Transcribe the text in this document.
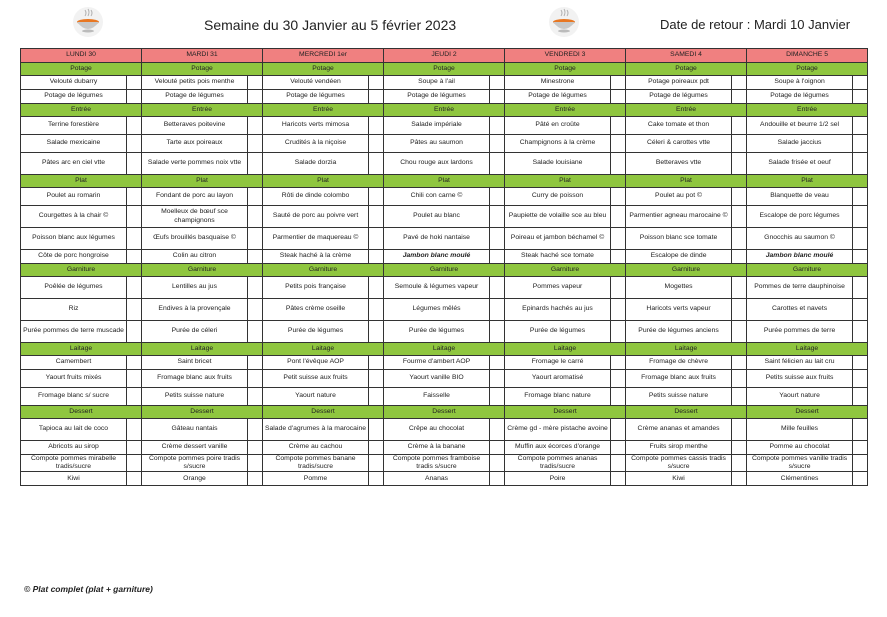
Semaine du 30 Janvier au 5 février 2023	Date de retour : Mardi 10 Janvier
LUNDI 30		MARDI 31		MERCREDI 1er		JEUDI 2		VENDREDI 3		SAMEDI 4		DIMANCHE 5	
Potage		Potage		Potage		Potage		Potage		Potage		Potage	
Velouté dubarry		Velouté petits pois menthe		Velouté vendéen		Soupe à l'ail		Minestrone		Potage poireaux pdt		Soupe à l'oignon	
Potage de légumes		Potage de légumes		Potage de légumes		Potage de légumes		Potage de légumes		Potage de légumes		Potage de légumes	
Entrée		Entrée		Entrée		Entrée		Entrée		Entrée		Entrée	
Terrine forestière		Betteraves poitevine		Haricots verts mimosa		Salade impériale		Pâté en croûte		Cake tomate et thon		Andouille et beurre 1/2 sel	
Salade mexicaine		Tarte aux poireaux		Crudités à la niçoise		Pâtes au saumon		Champignons à la crème		Céleri & carottes vtte		Salade jaccius	
Pâtes arc en ciel vtte		Salade verte pommes noix vtte		Salade dorzia		Chou rouge aux lardons		Salade louisiane		Betteraves vtte		Salade frisée et oeuf	
Plat		Plat		Plat		Plat		Plat		Plat		Plat	
Poulet au romarin		Fondant de porc au layon		Rôti de dinde colombo		Chili con carne ©		Curry de poisson		Poulet au pot ©		Blanquette de veau	
Courgettes à la chair ©		Moelleux de bœuf sce champignons		Sauté de porc au poivre vert		Poulet au blanc		Paupiette de volaille sce au bleu		Parmentier agneau marocaine ©		Escalope de porc légumes	
Poisson blanc aux légumes		Œufs brouillés basquaise ©		Parmentier de maquereau ©		Pavé de hoki nantaise		Poireau et jambon béchamel ©		Poisson blanc sce tomate		Gnocchis au saumon ©	
Côte de porc hongroise		Colin au citron		Steak haché à la crème		Jambon blanc moulé		Steak haché sce tomate		Escalope de dinde		Jambon blanc moulé	
Garniture		Garniture		Garniture		Garniture		Garniture		Garniture		Garniture	
Poêlée de légumes		Lentilles au jus		Petits pois française		Semoule & légumes vapeur		Pommes vapeur		Mogettes		Pommes de terre dauphinoise	
Riz		Endives à la provençale		Pâtes crème oseille		Légumes mêlés		Epinards hachés au jus		Haricots verts vapeur		Carottes et navets	
Purée pommes de terre muscade		Purée de céleri		Purée de légumes		Purée de légumes		Purée de légumes		Purée de légumes anciens		Purée pommes de terre	
Laitage		Laitage		Laitage		Laitage		Laitage		Laitage		Laitage	
Camembert		Saint bricet		Pont l'évêque AOP		Fourme d'ambert AOP		Fromage le carré		Fromage de chèvre		Saint félicien au lait cru	
Yaourt fruits mixés		Fromage blanc aux fruits		Petit suisse aux fruits		Yaourt vanille BIO		Yaourt aromatisé		Fromage blanc aux fruits		Petits suisse aux fruits	
Fromage blanc s/ sucre		Petits suisse nature		Yaourt nature		Faisselle		Fromage blanc nature		Petits suisse nature		Yaourt nature	
Dessert		Dessert		Dessert		Dessert		Dessert		Dessert		Dessert	
Tapioca au lait de coco		Gâteau nantais		Salade d'agrumes à la marocaine		Crêpe au chocolat		Crème gd - mère pistache avoine		Crème ananas et amandes		Mille feuilles	
Abricots au sirop		Crème dessert vanille		Crème au cachou		Crème à la banane		Muffin aux écorces d'orange		Fruits sirop menthe		Pomme au chocolat	
Compote pommes mirabelle tradis/sucre		Compote pommes poire tradis s/sucre		Compote pommes banane tradis/sucre		Compote pommes framboise tradis s/sucre		Compote pommes ananas tradis/sucre		Compote pommes cassis tradis s/sucre		Compote pommes vanille tradis s/sucre	
Kiwi		Orange		Pomme		Ananas		Poire		Kiwi		Clémentines	
© Plat complet (plat + garniture)
